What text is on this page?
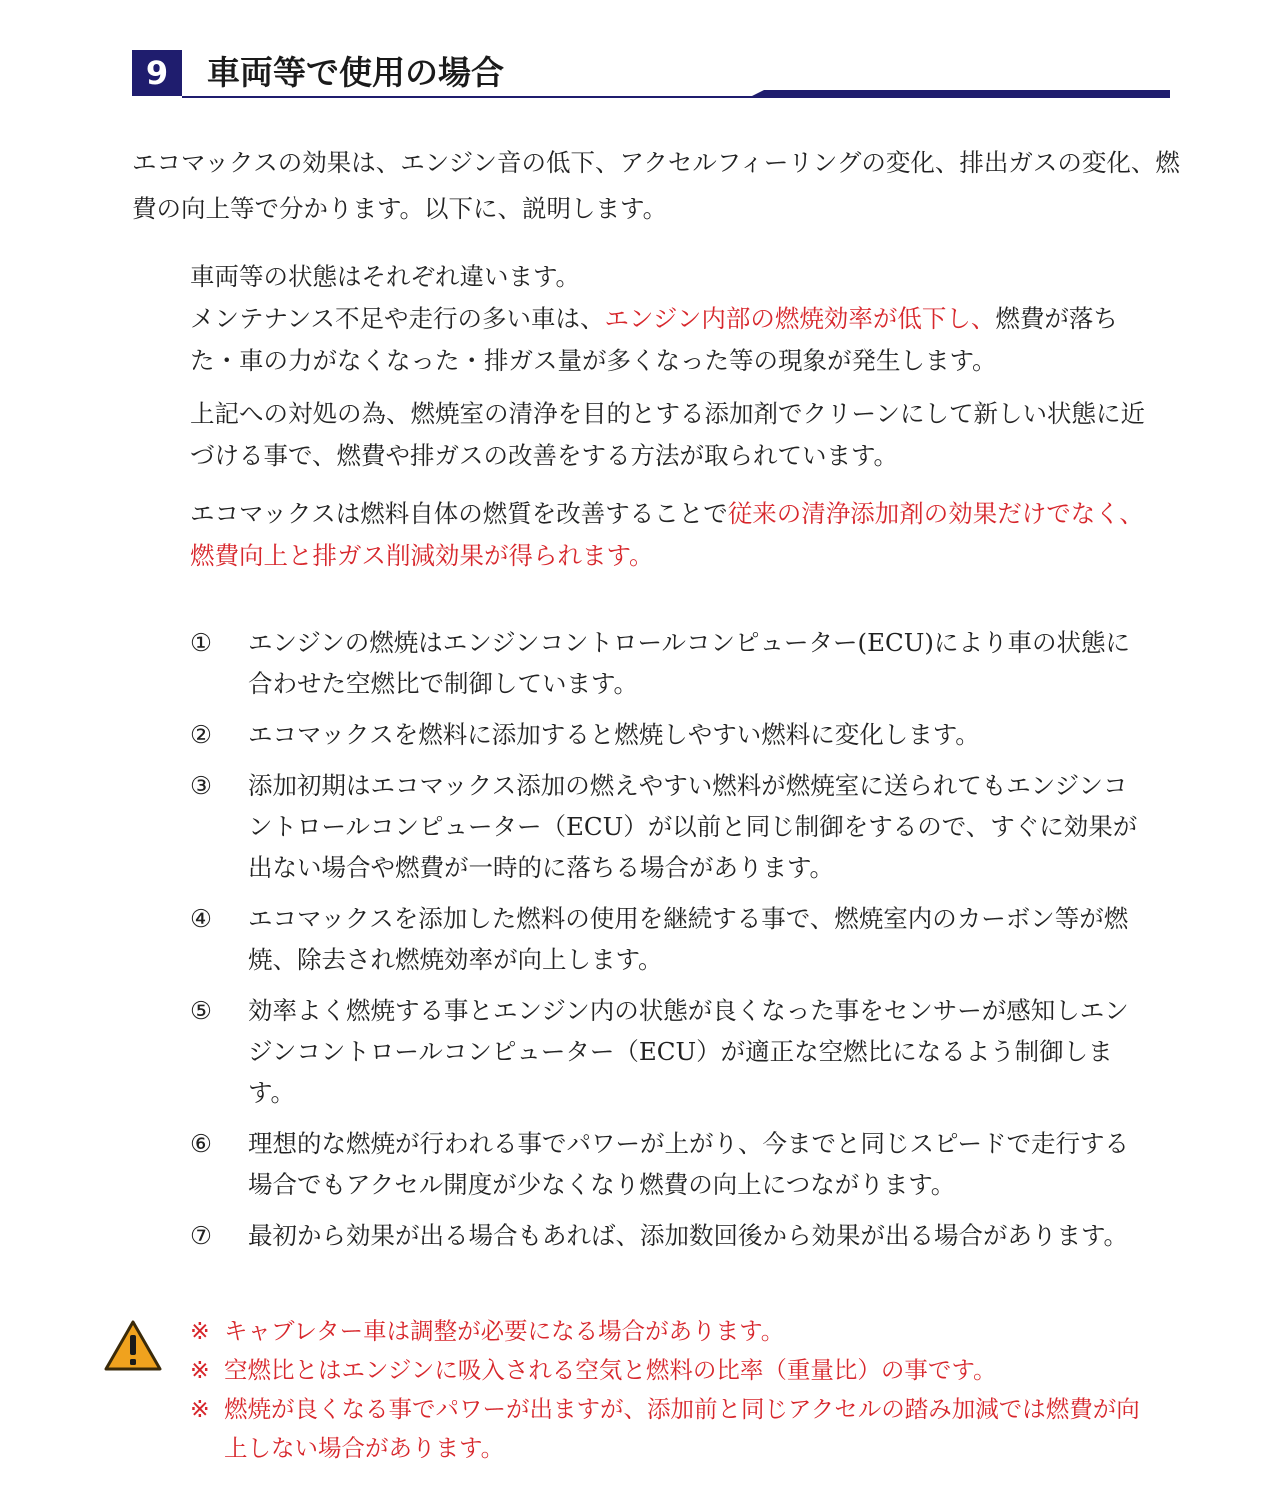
9	車両等で使用の場合

エコマックスの効果は、エンジン音の低下、アクセルフィーリングの変化、排出ガスの変化、燃費の向上等で分かります。以下に、説明します。

車両等の状態はそれぞれ違います。
メンテナンス不足や走行の多い車は、エンジン内部の燃焼効率が低下し、燃費が落ちた・車の力がなくなった・排ガス量が多くなった等の現象が発生します。

上記への対処の為、燃焼室の清浄を目的とする添加剤でクリーンにして新しい状態に近づける事で、燃費や排ガスの改善をする方法が取られています。

エコマックスは燃料自体の燃質を改善することで従来の清浄添加剤の効果だけでなく、燃費向上と排ガス削減効果が得られます。

①	エンジンの燃焼はエンジンコントロールコンピューター(ECU)により車の状態に合わせた空燃比で制御しています。
②	エコマックスを燃料に添加すると燃焼しやすい燃料に変化します。
③	添加初期はエコマックス添加の燃えやすい燃料が燃焼室に送られてもエンジンコントロールコンピューター（ECU）が以前と同じ制御をするので、すぐに効果が出ない場合や燃費が一時的に落ちる場合があります。
④	エコマックスを添加した燃料の使用を継続する事で、燃焼室内のカーボン等が燃焼、除去され燃焼効率が向上します。
⑤	効率よく燃焼する事とエンジン内の状態が良くなった事をセンサーが感知しエンジンコントロールコンピューター（ECU）が適正な空燃比になるよう制御します。
⑥	理想的な燃焼が行われる事でパワーが上がり、今までと同じスピードで走行する場合でもアクセル開度が少なくなり燃費の向上につながります。
⑦	最初から効果が出る場合もあれば、添加数回後から効果が出る場合があります。
※ キャブレター車は調整が必要になる場合があります。
※ 空燃比とはエンジンに吸入される空気と燃料の比率（重量比）の事です。
※ 燃焼が良くなる事でパワーが出ますが、添加前と同じアクセルの踏み加減では燃費が向上しない場合があります。
